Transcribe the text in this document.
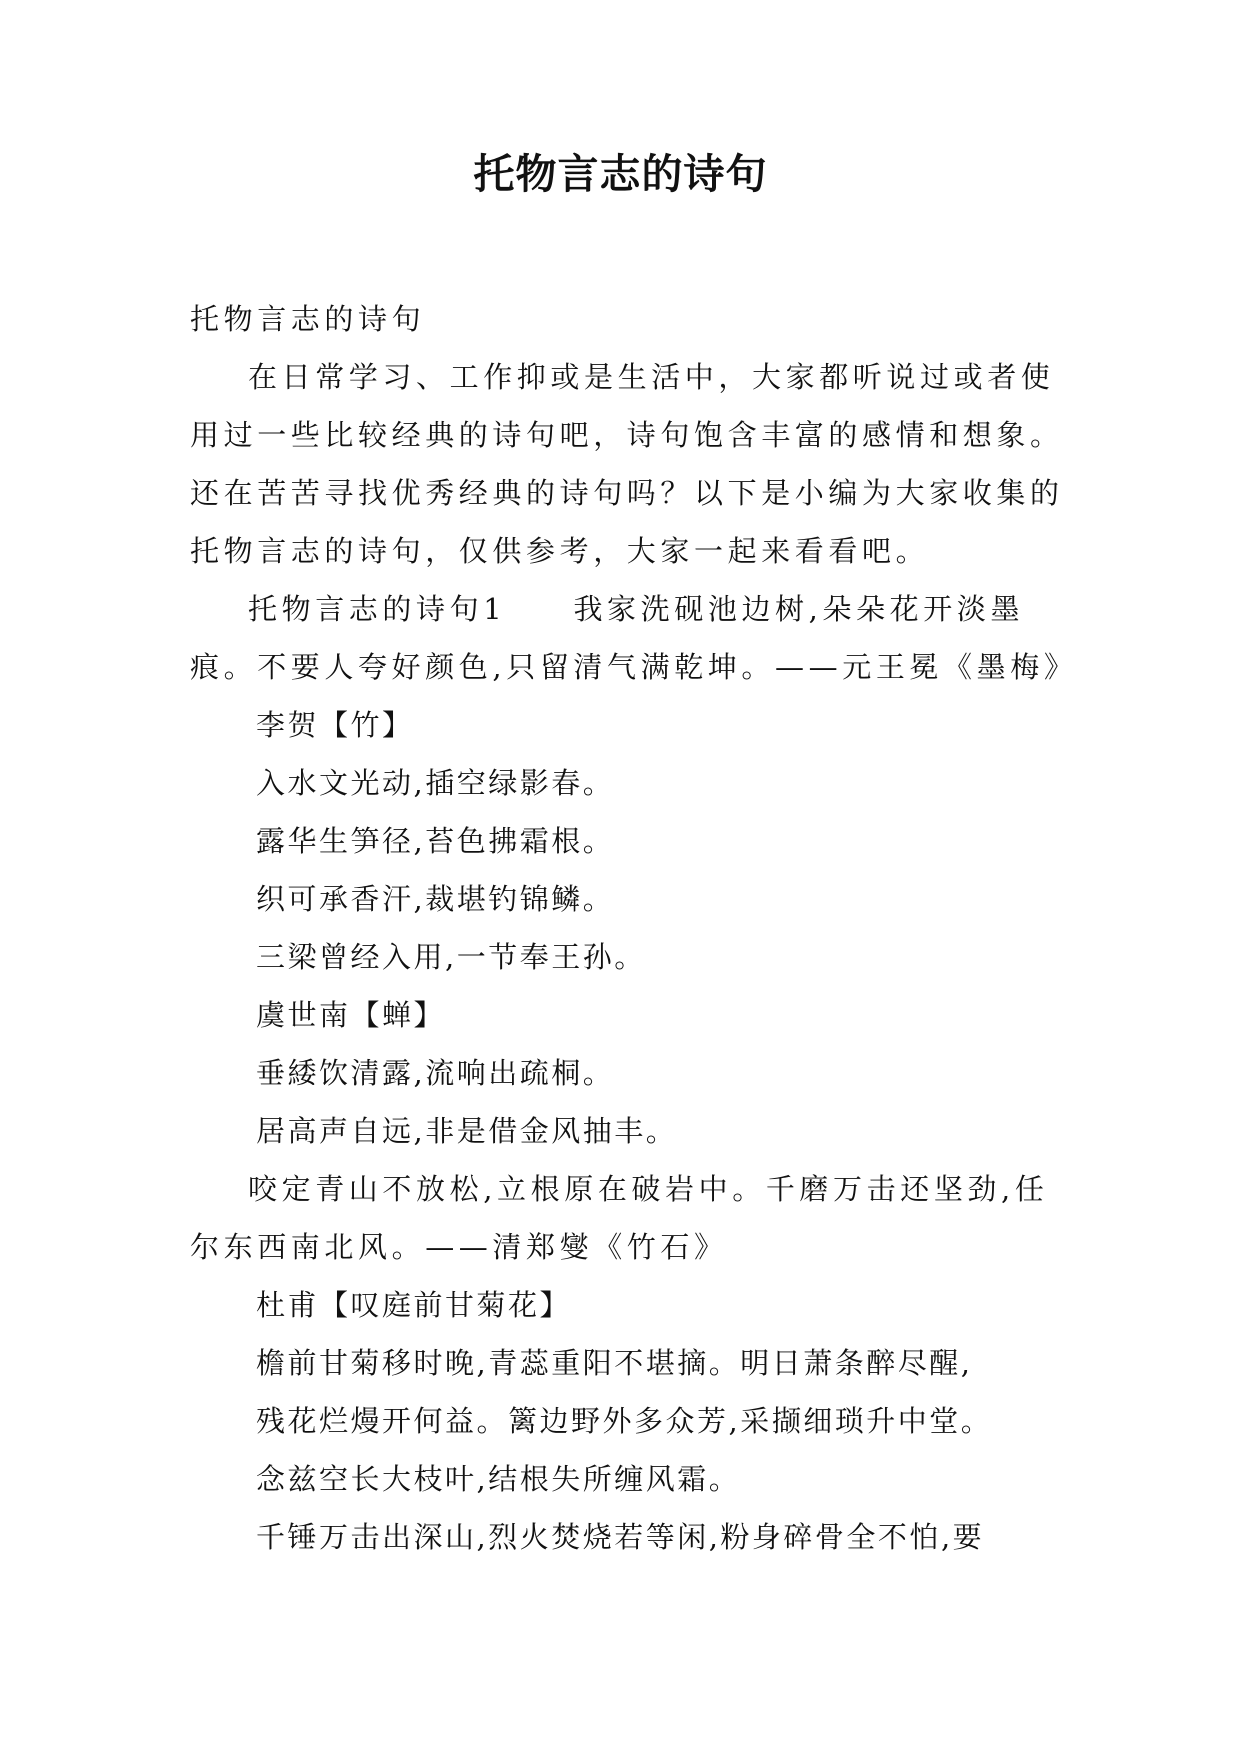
托物言志的诗句

托物言志的诗句

在日常学习、工作抑或是生活中，大家都听说过或者使用过一些比较经典的诗句吧，诗句饱含丰富的感情和想象。还在苦苦寻找优秀经典的诗句吗？以下是小编为大家收集的托物言志的诗句，仅供参考，大家一起来看看吧。

托物言志的诗句1　　我家洗砚池边树,朵朵花开淡墨痕。不要人夸好颜色,只留清气满乾坤。——元王冕《墨梅》

李贺【竹】

入水文光动,插空绿影春。

露华生笋径,苔色拂霜根。

织可承香汗,裁堪钓锦鳞。

三梁曾经入用,一节奉王孙。

虞世南【蝉】

垂緌饮清露,流响出疏桐。

居高声自远,非是借金风抽丰。

咬定青山不放松,立根原在破岩中。千磨万击还坚劲,任尔东西南北风。——清郑燮《竹石》

杜甫【叹庭前甘菊花】

檐前甘菊移时晚,青蕊重阳不堪摘。明日萧条醉尽醒,

残花烂熳开何益。篱边野外多众芳,采撷细琐升中堂。

念兹空长大枝叶,结根失所缠风霜。

千锤万击出深山,烈火焚烧若等闲,粉身碎骨全不怕,要
